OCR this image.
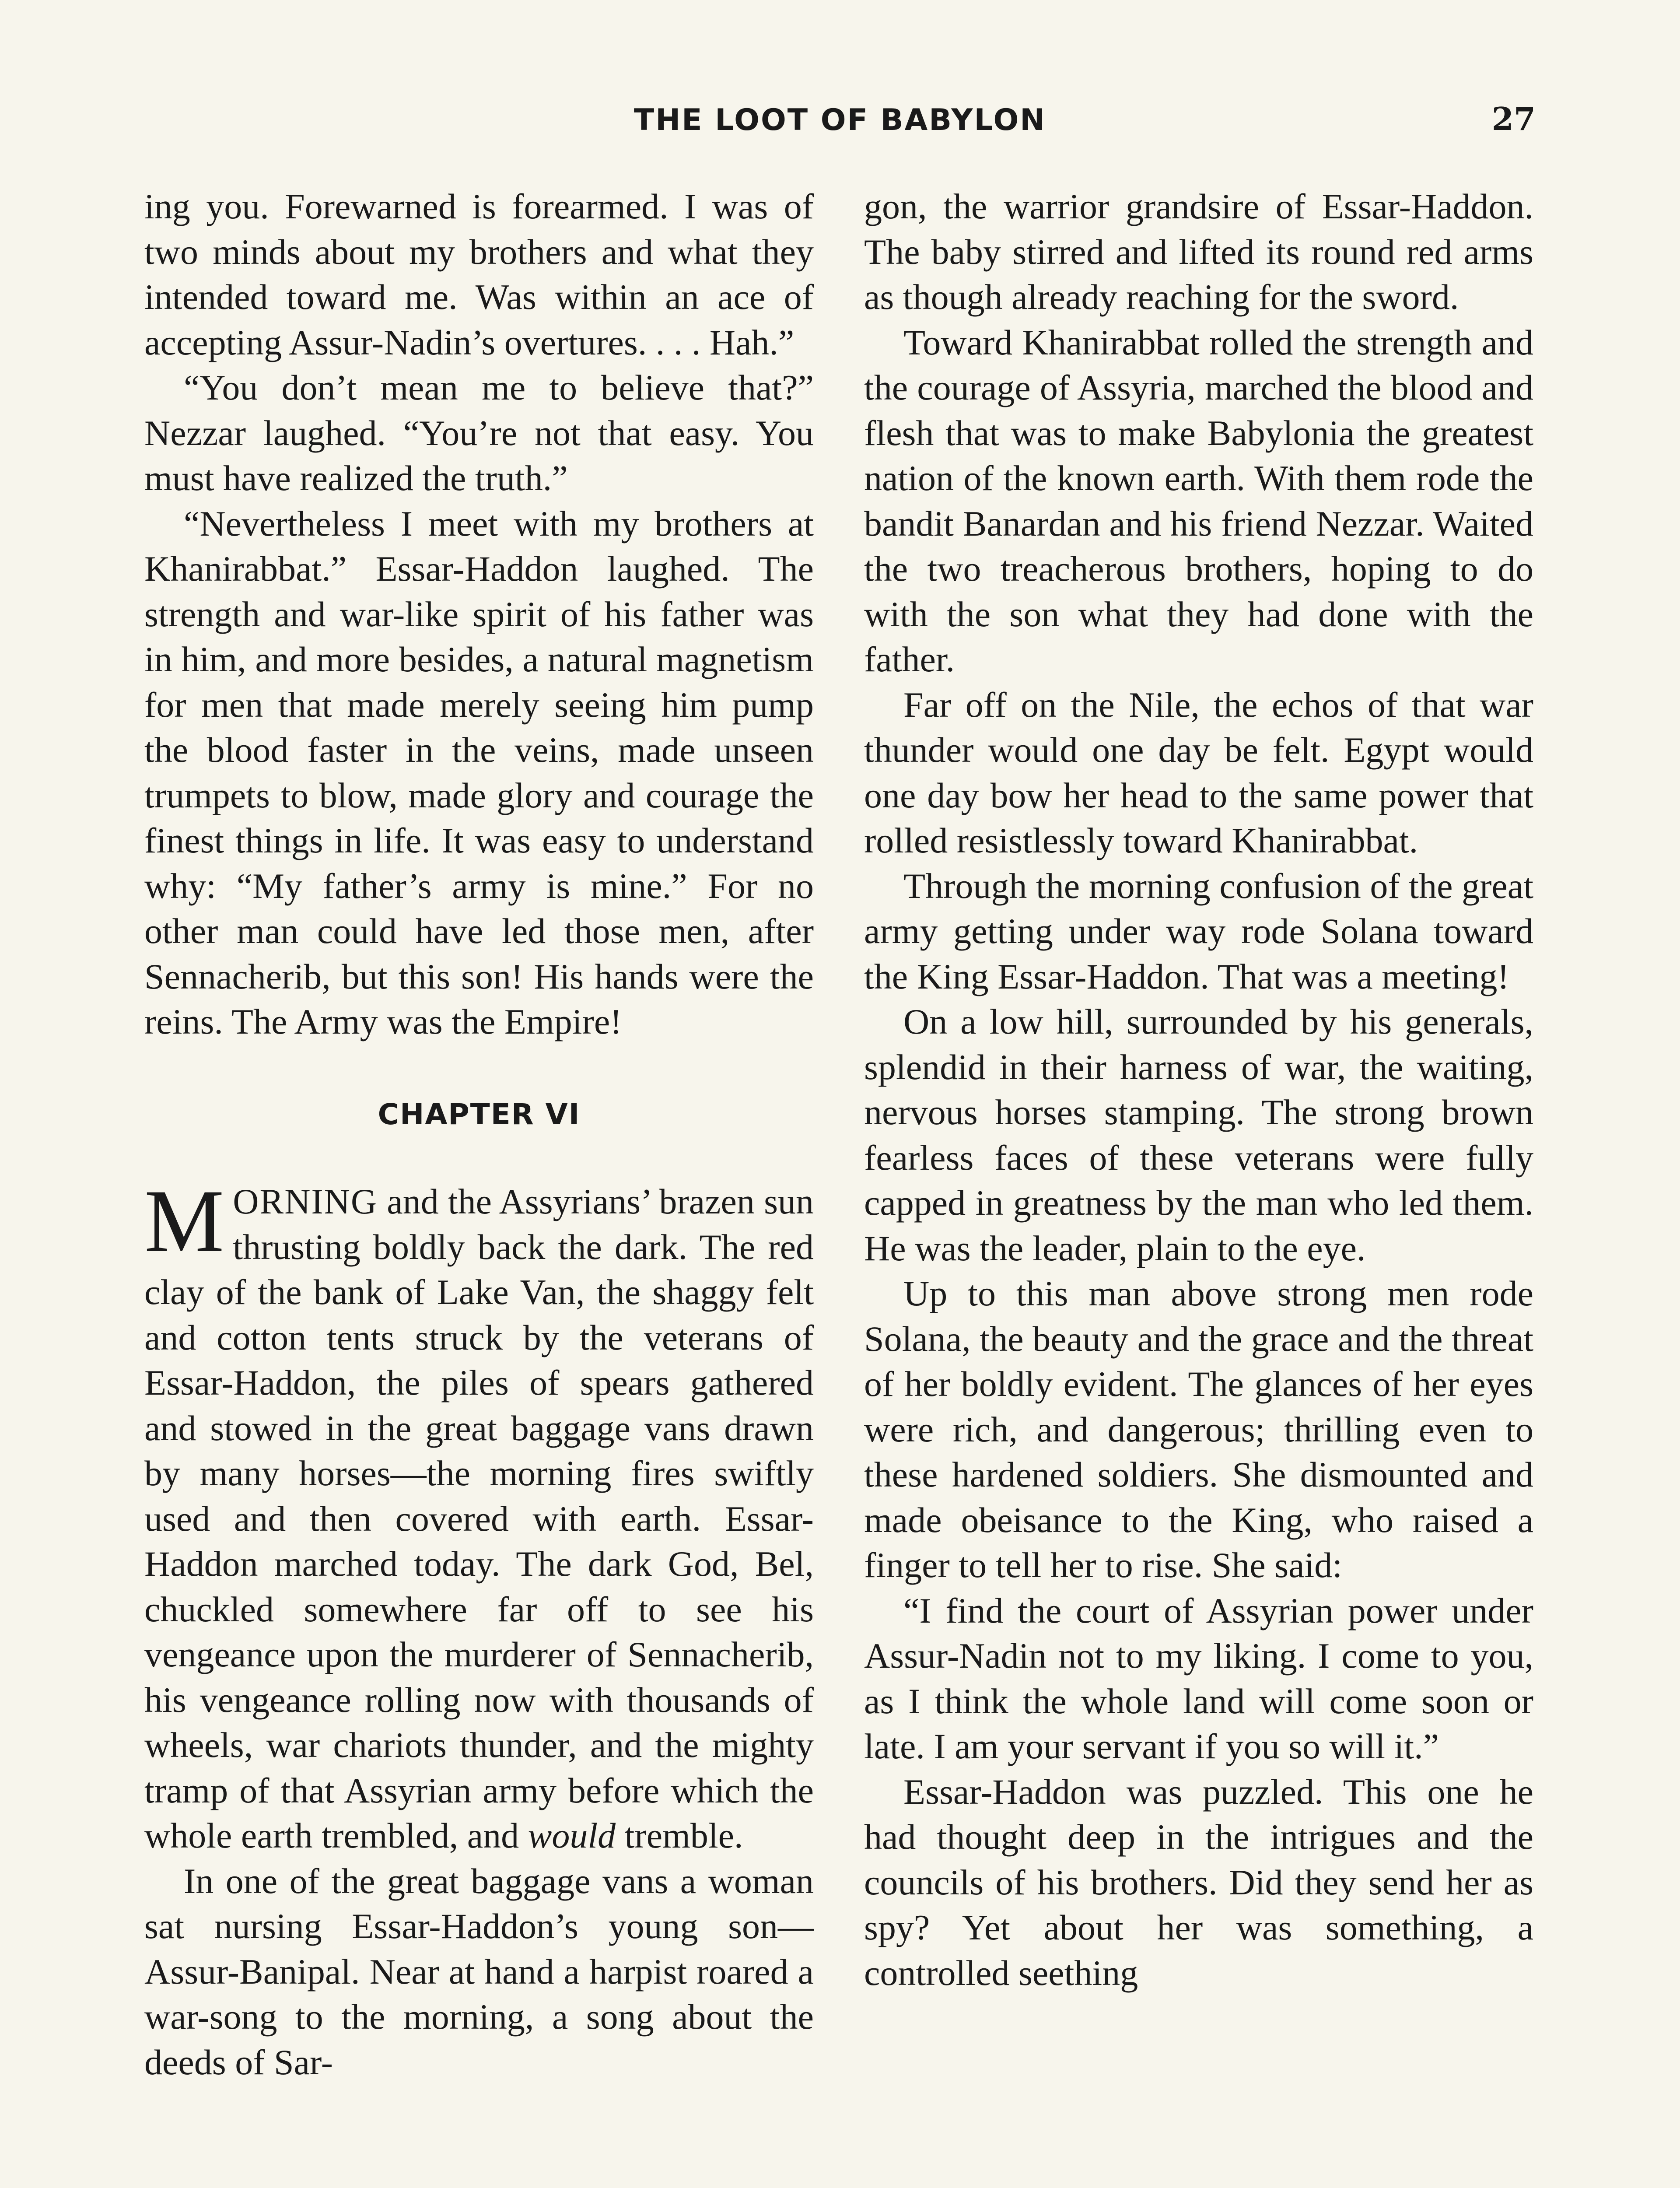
THE LOOT OF BABYLON	27

ing you. Forewarned is forearmed. I was of two minds about my brothers and what they intended toward me. Was within an ace of accepting Assur-Nadin’s overtures. . . . Hah.”

“You don’t mean me to believe that?” Nezzar laughed. “You’re not that easy. You must have realized the truth.”

“Nevertheless I meet with my brothers at Khanirabbat.” Essar-Haddon laughed. The strength and war-like spirit of his father was in him, and more besides, a natural magnetism for men that made merely seeing him pump the blood faster in the veins, made unseen trumpets to blow, made glory and courage the finest things in life. It was easy to understand why: “My father’s army is mine.” For no other man could have led those men, after Sennacherib, but this son! His hands were the reins. The Army was the Empire!

CHAPTER VI

MORNING and the Assyrians’ brazen sun thrusting boldly back the dark. The red clay of the bank of Lake Van, the shaggy felt and cotton tents struck by the veterans of Essar-Haddon, the piles of spears gathered and stowed in the great baggage vans drawn by many horses—the morning fires swiftly used and then covered with earth. Essar-Haddon marched today. The dark God, Bel, chuckled somewhere far off to see his vengeance upon the murderer of Sennacherib, his vengeance rolling now with thousands of wheels, war chariots thunder, and the mighty tramp of that Assyrian army before which the whole earth trembled, and would tremble.

In one of the great baggage vans a woman sat nursing Essar-Haddon’s young son—Assur-Banipal. Near at hand a harpist roared a war-song to the morning, a song about the deeds of Sar-

gon, the warrior grandsire of Essar-Haddon. The baby stirred and lifted its round red arms as though already reaching for the sword.

Toward Khanirabbat rolled the strength and the courage of Assyria, marched the blood and flesh that was to make Babylonia the greatest nation of the known earth. With them rode the bandit Banardan and his friend Nezzar. Waited the two treacherous brothers, hoping to do with the son what they had done with the father.

Far off on the Nile, the echos of that war thunder would one day be felt. Egypt would one day bow her head to the same power that rolled resistlessly toward Khanirabbat.

Through the morning confusion of the great army getting under way rode Solana toward the King Essar-Haddon. That was a meeting!

On a low hill, surrounded by his generals, splendid in their harness of war, the waiting, nervous horses stamping. The strong brown fearless faces of these veterans were fully capped in greatness by the man who led them. He was the leader, plain to the eye.

Up to this man above strong men rode Solana, the beauty and the grace and the threat of her boldly evident. The glances of her eyes were rich, and dangerous; thrilling even to these hardened soldiers. She dismounted and made obeisance to the King, who raised a finger to tell her to rise. She said:

“I find the court of Assyrian power under Assur-Nadin not to my liking. I come to you, as I think the whole land will come soon or late. I am your servant if you so will it.”

Essar-Haddon was puzzled. This one he had thought deep in the intrigues and the councils of his brothers. Did they send her as spy? Yet about her was something, a controlled seething
